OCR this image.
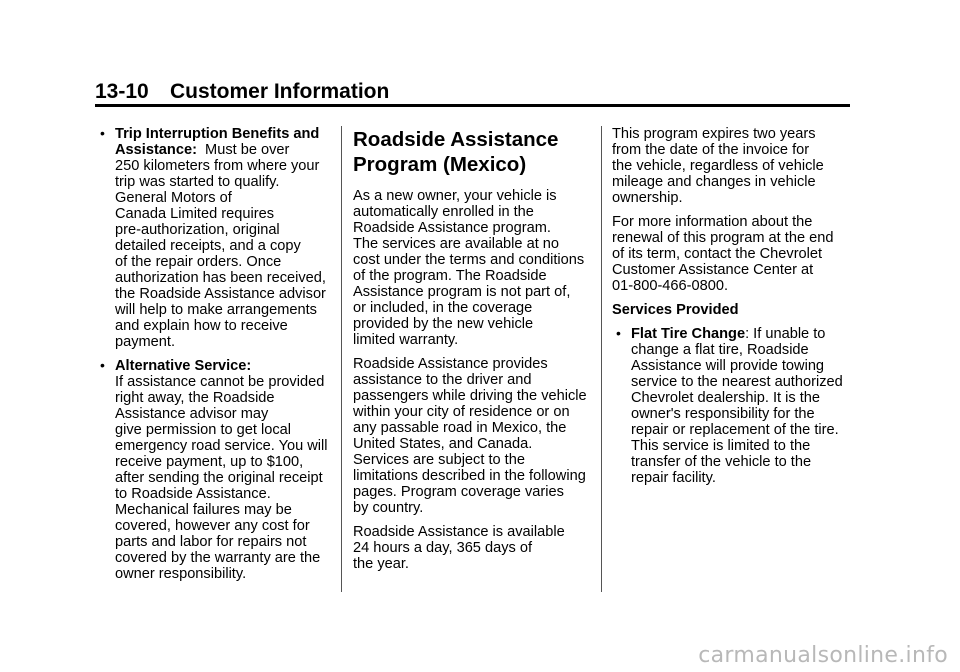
13-10 Customer Information
• Trip Interruption Benefits and
Assistance:  Must be over
250 kilometers from where your
trip was started to qualify.
General Motors of
Canada Limited requires
pre-authorization, original
detailed receipts, and a copy
of the repair orders. Once
authorization has been received,
the Roadside Assistance advisor
will help to make arrangements
and explain how to receive
payment.
• Alternative Service:
If assistance cannot be provided
right away, the Roadside
Assistance advisor may
give permission to get local
emergency road service. You will
receive payment, up to $100,
after sending the original receipt
to Roadside Assistance.
Mechanical failures may be
covered, however any cost for
parts and labor for repairs not
covered by the warranty are the
owner responsibility.
Roadside Assistance
Program (Mexico)
As a new owner, your vehicle is
automatically enrolled in the
Roadside Assistance program.
The services are available at no
cost under the terms and conditions
of the program. The Roadside
Assistance program is not part of,
or included, in the coverage
provided by the new vehicle
limited warranty.
Roadside Assistance provides
assistance to the driver and
passengers while driving the vehicle
within your city of residence or on
any passable road in Mexico, the
United States, and Canada.
Services are subject to the
limitations described in the following
pages. Program coverage varies
by country.
Roadside Assistance is available
24 hours a day, 365 days of
the year.
This program expires two years
from the date of the invoice for
the vehicle, regardless of vehicle
mileage and changes in vehicle
ownership.
For more information about the
renewal of this program at the end
of its term, contact the Chevrolet
Customer Assistance Center at
01-800-466-0800.
Services Provided
• Flat Tire Change: If unable to
change a flat tire, Roadside
Assistance will provide towing
service to the nearest authorized
Chevrolet dealership. It is the
owner's responsibility for the
repair or replacement of the tire.
This service is limited to the
transfer of the vehicle to the
repair facility.
carmanualsonline.info
